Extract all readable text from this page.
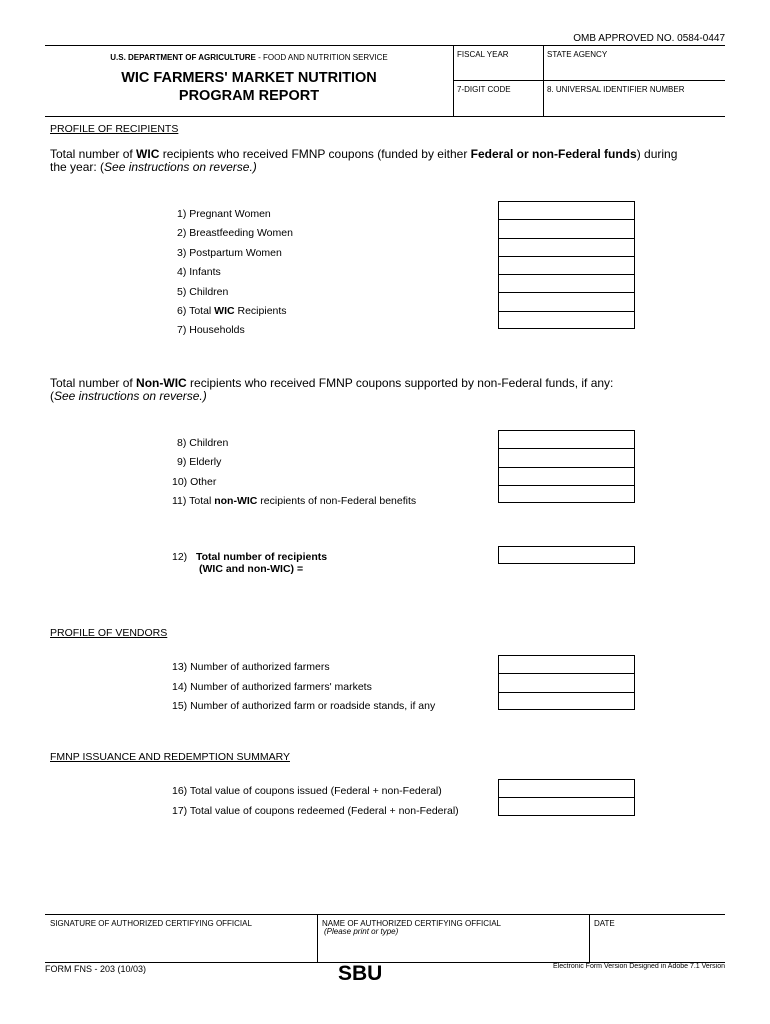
OMB APPROVED NO. 0584-0447
U.S. DEPARTMENT OF AGRICULTURE - FOOD AND NUTRITION SERVICE
WIC FARMERS' MARKET NUTRITION
PROGRAM REPORT
FISCAL YEAR	STATE AGENCY
7-DIGIT CODE	8. UNIVERSAL IDENTIFIER NUMBER
PROFILE OF RECIPIENTS
Total number of WIC recipients who received FMNP coupons (funded by either Federal or non-Federal funds) during
the year: (See instructions on reverse.)
1) Pregnant Women
2) Breastfeeding Women
3) Postpartum Women
4) Infants
5) Children
6) Total WIC Recipients
7) Households
Total number of Non-WIC recipients who received FMNP coupons supported by non-Federal funds, if any:
(See instructions on reverse.)
8) Children
9) Elderly
10) Other
11) Total non-WIC recipients of non-Federal benefits
12) Total number of recipients
(WIC and non-WIC) =
PROFILE OF VENDORS
13) Number of authorized farmers
14) Number of authorized farmers' markets
15) Number of authorized farm or roadside stands, if any
FMNP ISSUANCE AND REDEMPTION SUMMARY
16) Total value of coupons issued (Federal + non-Federal)
17) Total value of coupons redeemed (Federal + non-Federal)
SIGNATURE OF AUTHORIZED CERTIFYING OFFICIAL	NAME OF AUTHORIZED CERTIFYING OFFICIAL
(Please print or type)
DATE
FORM FNS - 203 (10/03)	SBU	Electronic Form Version Designed in Adobe 7.1 Version
